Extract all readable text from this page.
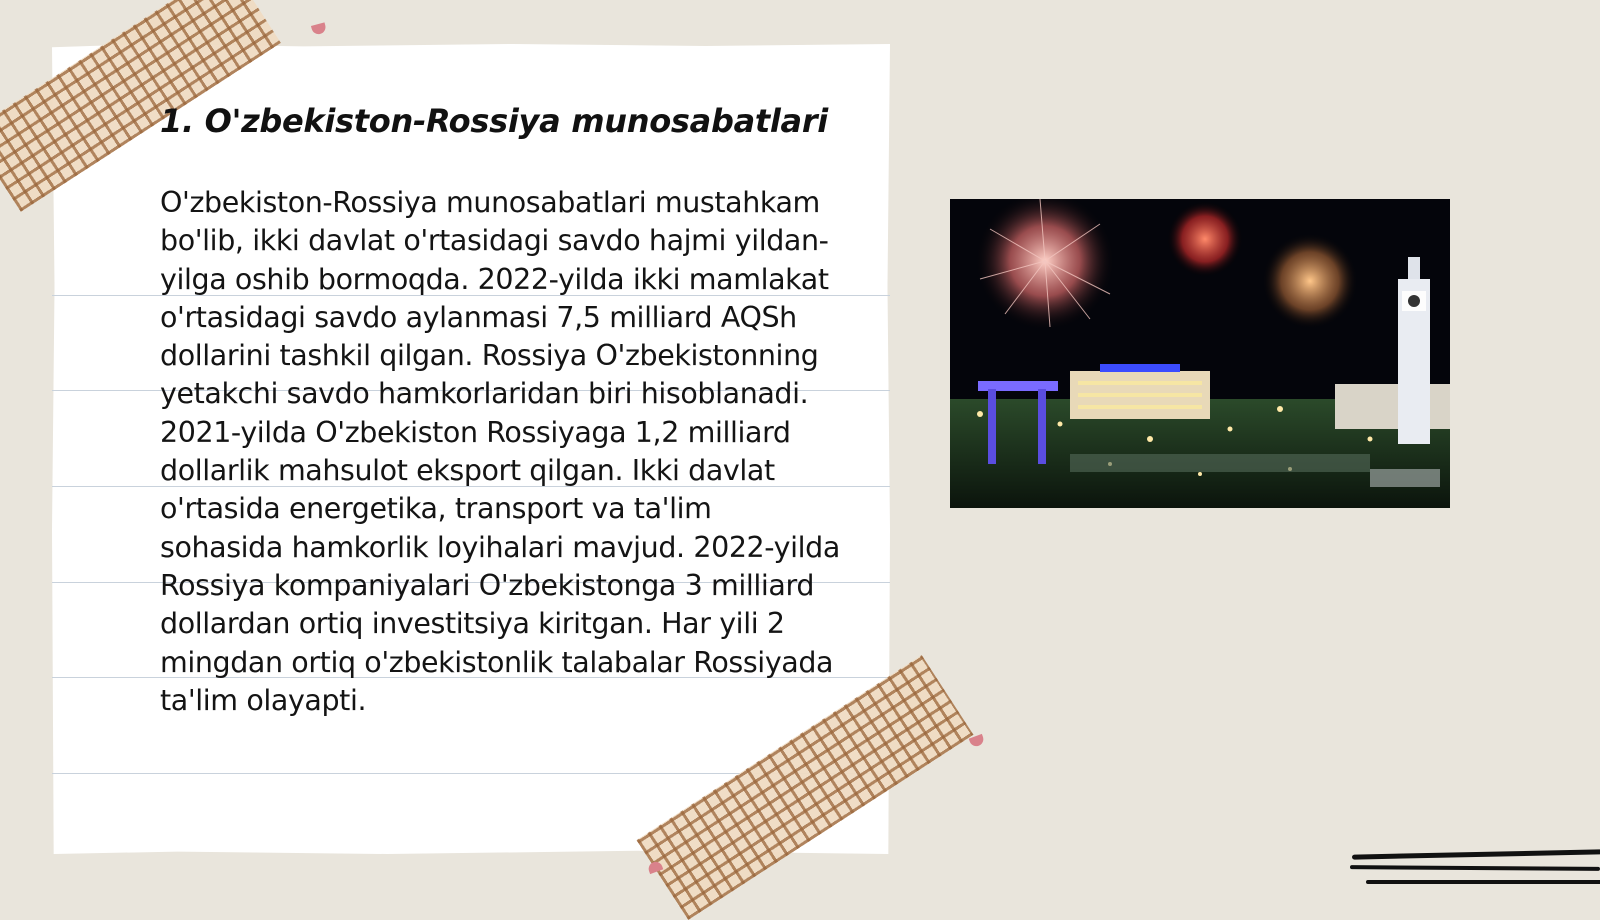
1. O'zbekiston-Rossiya munosabatlari

O'zbekiston-Rossiya munosabatlari mustahkam bo'lib, ikki davlat o'rtasidagi savdo hajmi yildan-yilga oshib bormoqda. 2022-yilda ikki mamlakat o'rtasidagi savdo aylanmasi 7,5 milliard AQSh dollarini tashkil qilgan. Rossiya O'zbekistonning yetakchi savdo hamkorlaridan biri hisoblanadi. 2021-yilda O'zbekiston Rossiyaga 1,2 milliard dollarlik mahsulot eksport qilgan. Ikki davlat o'rtasida energetika, transport va ta'lim sohasida hamkorlik loyihalari mavjud. 2022-yilda Rossiya kompaniyalari O'zbekistonga 3 milliard dollardan ortiq investitsiya kiritgan. Har yili 2 mingdan ortiq o'zbekistonlik talabalar Rossiyada ta'lim olayapti.
